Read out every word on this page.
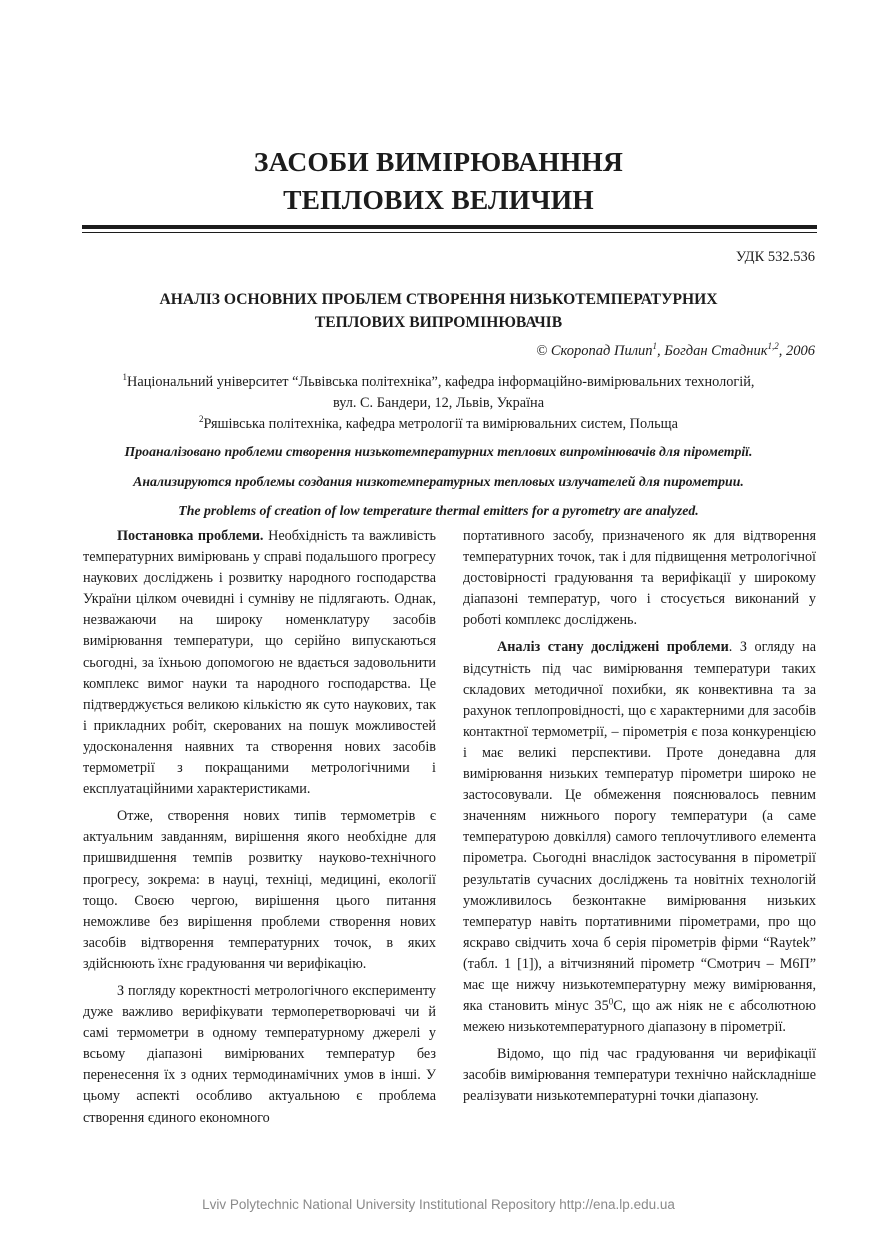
ЗАСОБИ ВИМІРЮВАНННЯ
ТЕПЛОВИХ ВЕЛИЧИН
УДК 532.536
АНАЛІЗ ОСНОВНИХ ПРОБЛЕМ СТВОРЕННЯ НИЗЬКОТЕМПЕРАТУРНИХ
ТЕПЛОВИХ ВИПРОМІНЮВАЧІВ
© Скоропад Пилип$^1$, Богдан Стадник$^{1,2}$, 2006
$^1$Національний університет “Львівська політехніка”, кафедра інформаційно-вимірювальних технологій,
вул. С. Бандери, 12, Львів, Україна
$^2$Ряшівська політехніка, кафедра метрології та вимірювальних систем, Польща
Проаналізовано проблеми створення низькотемпературних теплових випромінювачів для пірометрії.
Анализируются проблемы создания низкотемпературных тепловых излучателей для пирометрии.
The problems of creation of low temperature thermal emitters for a pyrometry are analyzed.

Постановка проблеми. Необхідність та важливість температурних вимірювань у справі подальшого прогресу наукових досліджень і розвитку народного господарства України цілком очевидні і сумніву не підлягають. Однак, незважаючи на широку номенклатуру засобів вимірювання температури, що серійно випускаються сьогодні, за їхньою допомогою не вдається задовольнити комплекс вимог науки та народного господарства. Це підтверджується великою кількістю як суто наукових, так і прикладних робіт, скерованих на пошук можливостей удосконалення наявних та створення нових засобів термометрії з покращаними метрологічними і експлуатаційними характеристиками.

Отже, створення нових типів термометрів є актуальним завданням, вирішення якого необхідне для пришвидшення темпів розвитку науково-технічного прогресу, зокрема: в науці, техніці, медицині, екології тощо. Своєю чергою, вирішення цього питання неможливе без вирішення проблеми створення нових засобів відтворення температурних точок, в яких здійснюють їхнє градуювання чи верифікацію.

З погляду коректності метрологічного експерименту дуже важливо верифікувати термоперетворювачі чи й самі термометри в одному температурному джерелі у всьому діапазоні вимірюваних температур без перенесення їх з одних термодинамічних умов в інші. У цьому аспекті особливо актуальною є проблема створення єдиного економного

портативного засобу, призначеного як для відтворення температурних точок, так і для підвищення метрологічної достовірності градуювання та верифікації у широкому діапазоні температур, чого і стосується виконаний у роботі комплекс досліджень.

Аналіз стану досліджені проблеми. З огляду на відсутність під час вимірювання температури таких складових методичної похибки, як конвективна та за рахунок теплопровідності, що є характерними для засобів контактної термометрії, – пірометрія є поза конкуренцією і має великі перспективи. Проте донедавна для вимірювання низьких температур пірометри широко не застосовували. Це обмеження пояснювалось певним значенням нижнього порогу температури (а саме температурою довкілля) самого теплочутливого елемента пірометра. Сьогодні внаслідок застосування в пірометрії результатів сучасних досліджень та новітніх технологій уможливилось безконтакне вимірювання низьких температур навіть портативними пірометрами, про що яскраво свідчить хоча б серія пірометрів фірми “Raytek” (табл. 1 [1]), а вітчизняний пірометр “Смотрич – М6П” має ще нижчу низькотемпературну межу вимірювання, яка становить мінус $35^0С$, що аж ніяк не є абсолютною межею низькотемпературного діапазону в пірометрії.

Відомо, що під час градуювання чи верифікації засобів вимірювання температури технічно найскладніше реалізувати низькотемпературні точки діапазону.

Lviv Polytechnic National University Institutional Repository http://ena.lp.edu.ua
